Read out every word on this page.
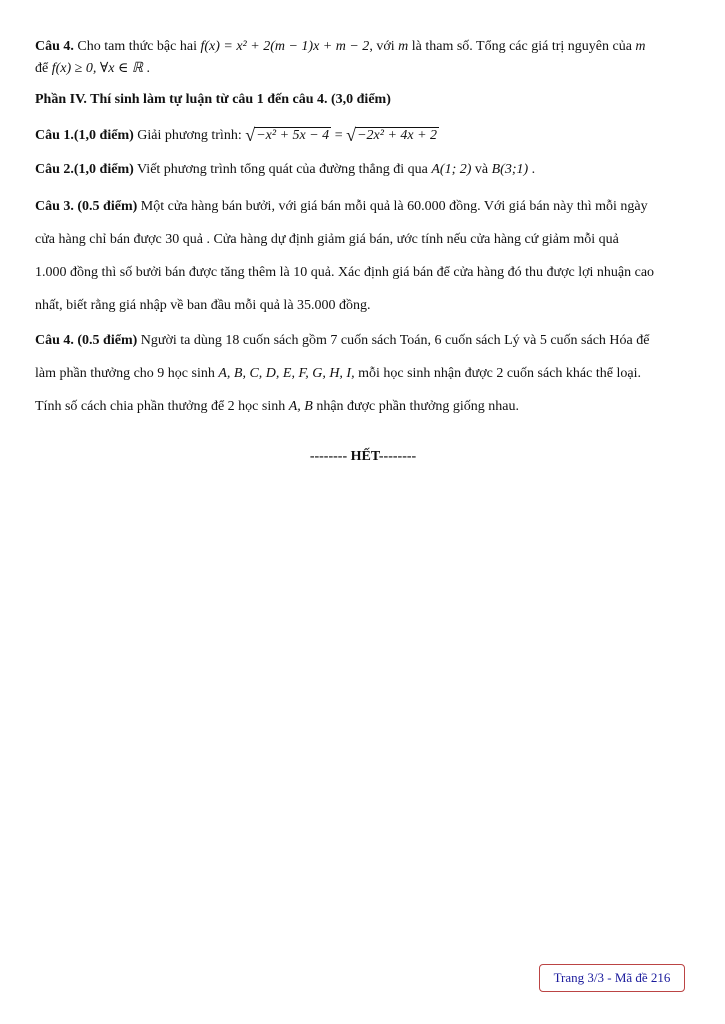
Câu 4. Cho tam thức bậc hai f(x) = x² + 2(m − 1)x + m − 2, với m là tham số. Tổng các giá trị nguyên của m
để f(x) ≥ 0, ∀x ∈ ℝ .

Phần IV. Thí sinh làm tự luận từ câu 1 đến câu 4. (3,0 điểm)

Câu 1.(1,0 điểm) Giải phương trình: √ −x² + 5x − 4 = √ −2x² + 4x + 2

Câu 2.(1,0 điểm) Viết phương trình tổng quát của đường thẳng đi qua A(1; 2) và B(3;1) .

Câu 3. (0.5 điểm) Một cửa hàng bán bưởi, với giá bán mỗi quả là 60.000 đồng. Với giá bán này thì mỗi ngày
cửa hàng chỉ bán được 30 quả . Cửa hàng dự định giảm giá bán, ước tính nếu cửa hàng cứ giảm mỗi quả
1.000 đồng thì số bưởi bán được tăng thêm là 10 quả. Xác định giá bán để cửa hàng đó thu được lợi nhuận cao
nhất, biết rằng giá nhập về ban đầu mỗi quả là 35.000 đồng.
Câu 4. (0.5 điểm) Người ta dùng 18 cuốn sách gồm 7 cuốn sách Toán, 6 cuốn sách Lý và 5 cuốn sách Hóa để
làm phần thưởng cho 9 học sinh A, B, C, D, E, F, G, H, I, mỗi học sinh nhận được 2 cuốn sách khác thể loại.
Tính số cách chia phần thưởng để 2 học sinh A, B nhận được phần thưởng giống nhau.

-------- HẾT--------

Trang 3/3 - Mã đề 216
